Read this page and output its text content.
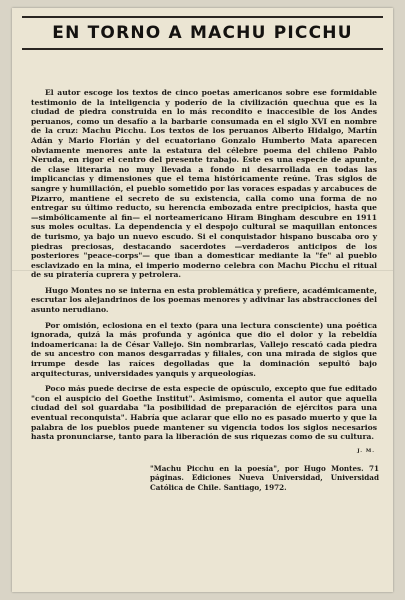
EN TORNO A MACHU PICCHU

El autor escoge los textos de cinco poetas americanos sobre ese formidable testimonio de la inteligencia y poderío de la civilización quechua que es la ciudad de piedra construida en lo más recondito e inaccesible de los Andes peruanos, como un desafío a la barbarie consumada en el siglo XVI en nombre de la cruz: Machu Picchu. Los textos de los peruanos Alberto Hidalgo, Martín Adán y Mario Florián y del ecuatoriano Gonzalo Humberto Mata aparecen obviamente menores ante la estatura del célebre poema del chileno Pablo Neruda, en rigor el centro del presente trabajo. Este es una especie de apunte, de clase literaria no muy llevada a fondo ni desarrollada en todas las implicancias y dimensiones que el tema históricamente reúne. Tras siglos de sangre y humillación, el pueblo sometido por las voraces espadas y arcabuces de Pizarro, mantiene el secreto de su existencia, calla como una forma de no entregar su último reducto, su herencia embozada entre precipicios, hasta que —simbólicamente al fin— el norteamericano Hiram Bingham descubre en 1911 sus moles ocultas. La dependencia y el despojo cultural se maquillan entonces de turismo, ya bajo un nuevo escudo. Si el conquistador hispano buscaba oro y piedras preciosas, destacando sacerdotes —verdaderos anticipos de los posteriores "peace-corps"— que iban a domesticar mediante la "fe" al pueblo esclavizado en la mina, el imperio moderno celebra con Machu Picchu el ritual de su piratería cuprera y petrolera.

Hugo Montes no se interna en esta problemática y prefiere, académicamente, escrutar los alejandrinos de los poemas menores y adivinar las abstracciones del asunto nerudiano.

Por omisión, eclosiona en el texto (para una lectura consciente) una poética ignorada, quizá la más profunda y agónica que dio el dolor y la rebeldía indoamericana: la de César Vallejo. Sin nombrarlas, Vallejo rescató cada piedra de su ancestro con manos desgarradas y filiales, con una mirada de siglos que irrumpe desde las raíces degolladas que la dominación sepultó bajo arquitecturas, universidades yanquis y arqueologías.

Poco más puede decirse de esta especie de opúsculo, excepto que fue editado "con el auspicio del Goethe Institut". Asimismo, comenta el autor que aquella ciudad del sol guardaba "la posibilidad de preparación de ejércitos para una eventual reconquista". Habría que aclarar que ello no es pasado muerto y que la palabra de los pueblos puede mantener su vigencia todos los siglos necesarios hasta pronunciarse, tanto para la liberación de sus riquezas como de su cultura.

J. M.
"Machu Picchu en la poesía", por Hugo Montes. 71 páginas. Ediciones Nueva Universidad, Universidad Católica de Chile. Santiago, 1972.
